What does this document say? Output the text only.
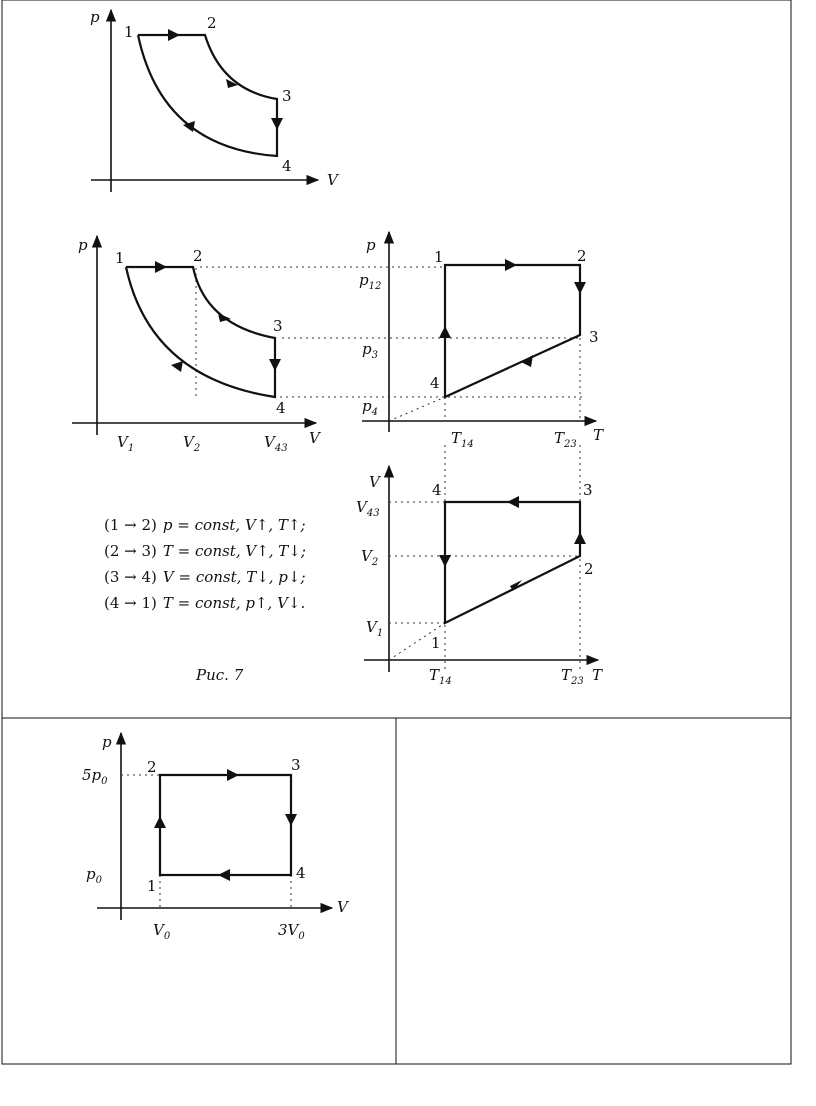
p
V
1	2
3
4
p
V
1	2
3
4
$V_1$	$V_2$	$V_{43}$
p
T
1	2
3
4
$p_{12}$
$p_3$
$p_4$
$T_{14}$	$T_{23}$
V
T
4	3
2
1
$V_{43}$
$V_2$
$V_1$
$T_{14}$	$T_{23}$
(1 → 2) p = const, V↑, T↑;
(2 → 3) T = const, V↑, T↓;
(3 → 4) V = const, T↓, p↓;
(4 → 1) T = const, p↑, V↓.
Рис. 7
p
V
2	3
1
4
$5p_0$
$p_0$
$V_0$	$3V_0$
